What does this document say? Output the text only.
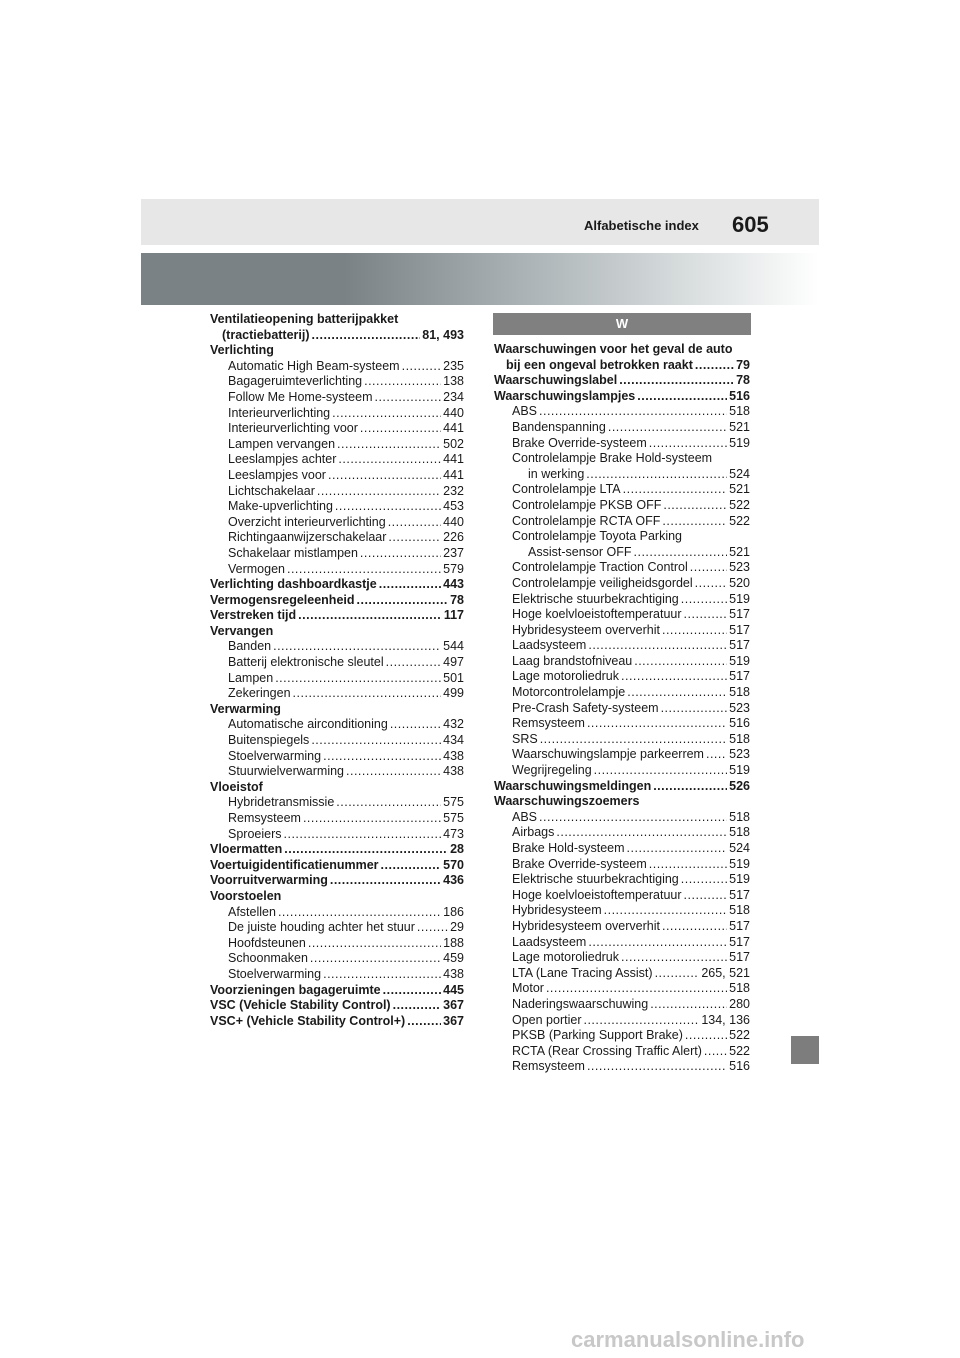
Alfabetische index 605
Ventilatieopening batterijpakket
(tractiebatterij) .....	81, 493
Verlichting
Automatic High Beam-systeem .....	235
Bagageruimteverlichting .....	138
Follow Me Home-systeem .....	234
Interieurverlichting .....	440
Interieurverlichting voor .....	441
Lampen vervangen .....	502
Leeslampjes achter .....	441
Leeslampjes voor .....	441
Lichtschakelaar .....	232
Make-upverlichting .....	453
Overzicht interieurverlichting .....	440
Richtingaanwijzerschakelaar .....	226
Schakelaar mistlampen .....	237
Vermogen .....	579
Verlichting dashboardkastje .....	443
Vermogensregeleenheid .....	78
Verstreken tijd .....	117
Vervangen
Banden .....	544
Batterij elektronische sleutel .....	497
Lampen .....	501
Zekeringen .....	499
Verwarming
Automatische airconditioning .....	432
Buitenspiegels .....	434
Stoelverwarming .....	438
Stuurwielverwarming .....	438
Vloeistof
Hybridetransmissie .....	575
Remsysteem .....	575
Sproeiers .....	473
Vloermatten .....	28
Voertuigidentificatienummer .....	570
Voorruitverwarming .....	436
Voorstoelen
Afstellen .....	186
De juiste houding achter het stuur .....	29
Hoofdsteunen .....	188
Schoonmaken .....	459
Stoelverwarming .....	438
Voorzieningen bagageruimte .....	445
VSC (Vehicle Stability Control) .....	367
VSC+ (Vehicle Stability Control+) .....	367
W
Waarschuwingen voor het geval de auto
bij een ongeval betrokken raakt .....	79
Waarschuwingslabel .....	78
Waarschuwingslampjes .....	516
ABS .....	518
Bandenspanning .....	521
Brake Override-systeem .....	519
Controlelampje Brake Hold-systeem
in werking .....	524
Controlelampje LTA .....	521
Controlelampje PKSB OFF .....	522
Controlelampje RCTA OFF .....	522
Controlelampje Toyota Parking
Assist-sensor OFF .....	521
Controlelampje Traction Control .....	523
Controlelampje veiligheidsgordel .....	520
Elektrische stuurbekrachtiging .....	519
Hoge koelvloeistoftemperatuur .....	517
Hybridesysteem oververhit .....	517
Laadsysteem .....	517
Laag brandstofniveau .....	519
Lage motoroliedruk .....	517
Motorcontrolelampje .....	518
Pre-Crash Safety-systeem .....	523
Remsysteem .....	516
SRS .....	518
Waarschuwingslampje parkeerrem ..... 523
Wegrijregeling .....	519
Waarschuwingsmeldingen .....	526
Waarschuwingszoemers
ABS .....	518
Airbags .....	518
Brake Hold-systeem .....	524
Brake Override-systeem .....	519
Elektrische stuurbekrachtiging .....	519
Hoge koelvloeistoftemperatuur .....	517
Hybridesysteem .....	518
Hybridesysteem oververhit .....	517
Laadsysteem .....	517
Lage motoroliedruk .....	517
LTA (Lane Tracing Assist) .....	265, 521
Motor .....	518
Naderingswaarschuwing .....	280
Open portier .....	134, 136
PKSB (Parking Support Brake) .....	522
RCTA (Rear Crossing Traffic Alert) ..... 522
Remsysteem .....	516
carmanualsonline.info
